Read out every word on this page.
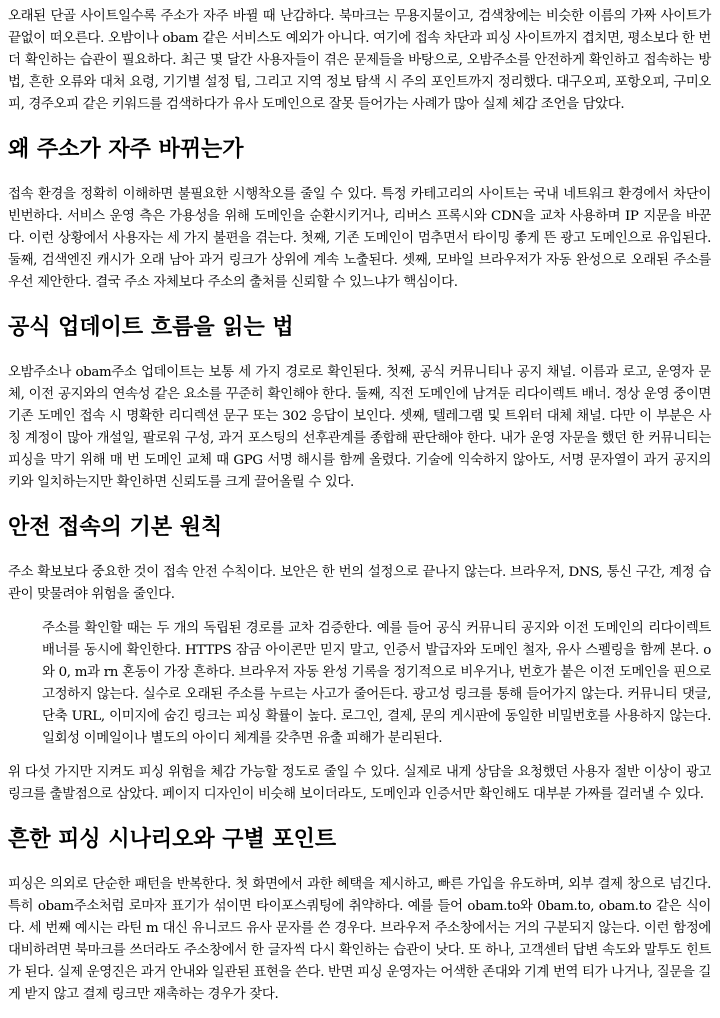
오래된 단골 사이트일수록 주소가 자주 바뀔 때 난감하다. 북마크는 무용지물이고, 검색창에는 비슷한 이름의 가짜 사이트가 끝없이 떠오른다. 오밤이나 obam 같은 서비스도 예외가 아니다. 여기에 접속 차단과 피싱 사이트까지 겹치면, 평소보다 한 번 더 확인하는 습관이 필요하다. 최근 몇 달간 사용자들이 겪은 문제들을 바탕으로, 오밤주소를 안전하게 확인하고 접속하는 방법, 흔한 오류와 대처 요령, 기기별 설정 팁, 그리고 지역 정보 탐색 시 주의 포인트까지 정리했다. 대구오피, 포항오피, 구미오피, 경주오피 같은 키워드를 검색하다가 유사 도메인으로 잘못 들어가는 사례가 많아 실제 체감 조언을 담았다.

왜 주소가 자주 바뀌는가

접속 환경을 정확히 이해하면 불필요한 시행착오를 줄일 수 있다. 특정 카테고리의 사이트는 국내 네트워크 환경에서 차단이 빈번하다. 서비스 운영 측은 가용성을 위해 도메인을 순환시키거나, 리버스 프록시와 CDN을 교차 사용하며 IP 지문을 바꾼다. 이런 상황에서 사용자는 세 가지 불편을 겪는다. 첫째, 기존 도메인이 멈추면서 타이밍 좋게 뜬 광고 도메인으로 유입된다. 둘째, 검색엔진 캐시가 오래 남아 과거 링크가 상위에 계속 노출된다. 셋째, 모바일 브라우저가 자동 완성으로 오래된 주소를 우선 제안한다. 결국 주소 자체보다 주소의 출처를 신뢰할 수 있느냐가 핵심이다.

공식 업데이트 흐름을 읽는 법

오밤주소나 obam주소 업데이트는 보통 세 가지 경로로 확인된다. 첫째, 공식 커뮤니티나 공지 채널. 이름과 로고, 운영자 문체, 이전 공지와의 연속성 같은 요소를 꾸준히 확인해야 한다. 둘째, 직전 도메인에 남겨둔 리다이렉트 배너. 정상 운영 중이면 기존 도메인 접속 시 명확한 리디렉션 문구 또는 302 응답이 보인다. 셋째, 텔레그램 및 트위터 대체 채널. 다만 이 부분은 사칭 계정이 많아 개설일, 팔로워 구성, 과거 포스팅의 선후관계를 종합해 판단해야 한다. 내가 운영 자문을 했던 한 커뮤니티는 피싱을 막기 위해 매 번 도메인 교체 때 GPG 서명 해시를 함께 올렸다. 기술에 익숙하지 않아도, 서명 문자열이 과거 공지의 키와 일치하는지만 확인하면 신뢰도를 크게 끌어올릴 수 있다.

안전 접속의 기본 원칙

주소 확보보다 중요한 것이 접속 안전 수칙이다. 보안은 한 번의 설정으로 끝나지 않는다. 브라우저, DNS, 통신 구간, 계정 습관이 맞물려야 위험을 줄인다.

주소를 확인할 때는 두 개의 독립된 경로를 교차 검증한다. 예를 들어 공식 커뮤니티 공지와 이전 도메인의 리다이렉트 배너를 동시에 확인한다. HTTPS 잠금 아이콘만 믿지 말고, 인증서 발급자와 도메인 철자, 유사 스펠링을 함께 본다. o와 0, m과 rn 혼동이 가장 흔하다. 브라우저 자동 완성 기록을 정기적으로 비우거나, 번호가 붙은 이전 도메인을 핀으로 고정하지 않는다. 실수로 오래된 주소를 누르는 사고가 줄어든다. 광고성 링크를 통해 들어가지 않는다. 커뮤니티 댓글, 단축 URL, 이미지에 숨긴 링크는 피싱 확률이 높다. 로그인, 결제, 문의 게시판에 동일한 비밀번호를 사용하지 않는다. 일회성 이메일이나 별도의 아이디 체계를 갖추면 유출 피해가 분리된다.

위 다섯 가지만 지켜도 피싱 위험을 체감 가능할 정도로 줄일 수 있다. 실제로 내게 상담을 요청했던 사용자 절반 이상이 광고 링크를 출발점으로 삼았다. 페이지 디자인이 비슷해 보이더라도, 도메인과 인증서만 확인해도 대부분 가짜를 걸러낼 수 있다.

흔한 피싱 시나리오와 구별 포인트

피싱은 의외로 단순한 패턴을 반복한다. 첫 화면에서 과한 혜택을 제시하고, 빠른 가입을 유도하며, 외부 결제 창으로 넘긴다. 특히 obam주소처럼 로마자 표기가 섞이면 타이포스쿼팅에 취약하다. 예를 들어 obam.to와 0bam.to, obаm.to 같은 식이다. 세 번째 예시는 라틴 m 대신 유니코드 유사 문자를 쓴 경우다. 브라우저 주소창에서는 거의 구분되지 않는다. 이런 함정에 대비하려면 북마크를 쓰더라도 주소창에서 한 글자씩 다시 확인하는 습관이 낫다. 또 하나, 고객센터 답변 속도와 말투도 힌트가 된다. 실제 운영진은 과거 안내와 일관된 표현을 쓴다. 반면 피싱 운영자는 어색한 존대와 기계 번역 티가 나거나, 질문을 길게 받지 않고 결제 링크만 재촉하는 경우가 잦다.
